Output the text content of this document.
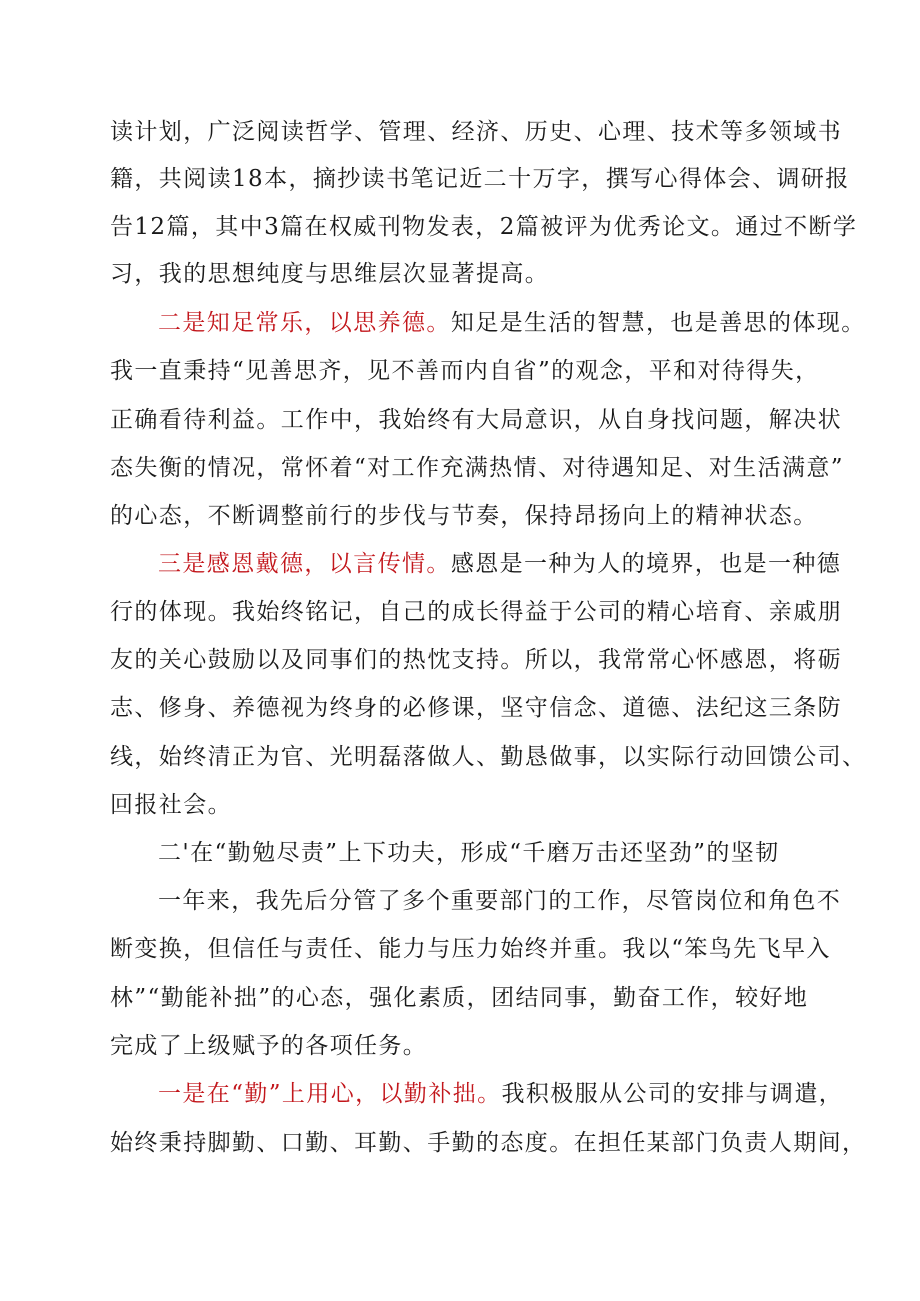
读计划，广泛阅读哲学、管理、经济、历史、心理、技术等多领域书
籍，共阅读18本，摘抄读书笔记近二十万字，撰写心得体会、调研报
告12篇，其中3篇在权威刊物发表，2篇被评为优秀论文。通过不断学
习，我的思想纯度与思维层次显著提高。
二是知足常乐，以思养德。知足是生活的智慧，也是善思的体现。
我一直秉持“见善思齐，见不善而内自省”的观念，平和对待得失，
正确看待利益。工作中，我始终有大局意识，从自身找问题，解决状
态失衡的情况，常怀着“对工作充满热情、对待遇知足、对生活满意”
的心态，不断调整前行的步伐与节奏，保持昂扬向上的精神状态。
三是感恩戴德，以言传情。感恩是一种为人的境界，也是一种德
行的体现。我始终铭记，自己的成长得益于公司的精心培育、亲戚朋
友的关心鼓励以及同事们的热忱支持。所以，我常常心怀感恩，将砺
志、修身、养德视为终身的必修课，坚守信念、道德、法纪这三条防
线，始终清正为官、光明磊落做人、勤恳做事，以实际行动回馈公司、
回报社会。
二'在“勤勉尽责”上下功夫，形成“千磨万击还坚劲”的坚韧
一年来，我先后分管了多个重要部门的工作，尽管岗位和角色不
断变换，但信任与责任、能力与压力始终并重。我以“笨鸟先飞早入
林”“勤能补拙”的心态，强化素质，团结同事，勤奋工作，较好地
完成了上级赋予的各项任务。
一是在“勤”上用心，以勤补拙。我积极服从公司的安排与调遣，
始终秉持脚勤、口勤、耳勤、手勤的态度。在担任某部门负责人期间，
